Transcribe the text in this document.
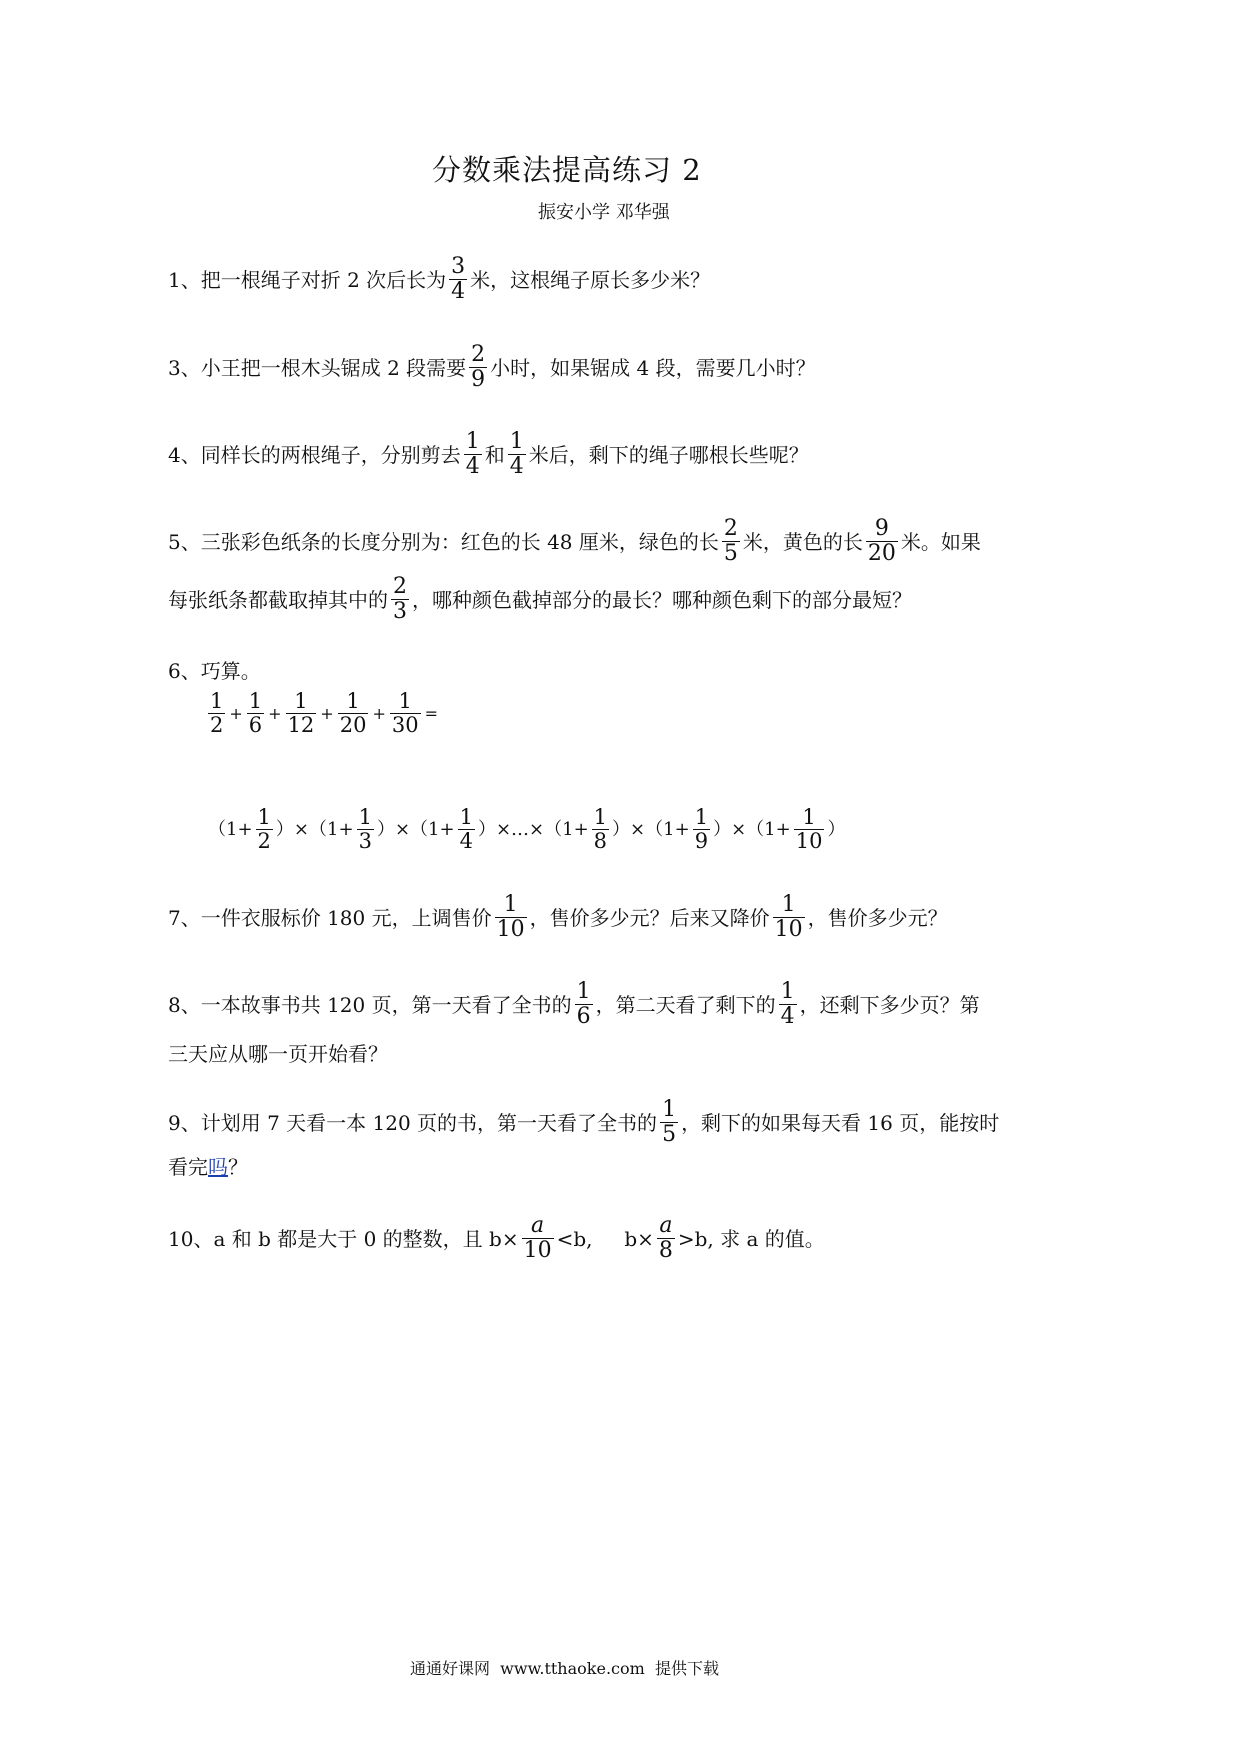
分数乘法提高练习 2
振安小学 邓华强
1、把一根绳子对折 2 次后长为 $\frac{3}{4}$ 米，这根绳子原长多少米？
3、小王把一根木头锯成 2 段需要 $\frac{2}{9}$ 小时，如果锯成 4 段，需要几小时？
4、同样长的两根绳子，分别剪去 $\frac{1}{4}$ 和 $\frac{1}{4}$ 米后，剩下的绳子哪根长些呢？
5、三张彩色纸条的长度分别为：红色的长 48 厘米，绿色的长 $\frac{2}{5}$ 米，黄色的长 $\frac{9}{20}$ 米。如果
每张纸条都截取掉其中的 $\frac{2}{3}$ ，哪种颜色截掉部分的最长？哪种颜色剩下的部分最短？
6、巧算。
$\frac{1}{2} + \frac{1}{6} + \frac{1}{12} + \frac{1}{20} + \frac{1}{30}$ =
$(1+ \frac{1}{2} )\times(1+ \frac{1}{3} )\times(1+ \frac{1}{4}$ ）×…×（1+ $\frac{1}{8} )\times(1+ \frac{1}{9} )\times(1+ \frac{1}{10}$ ）
7、一件衣服标价 180 元，上调售价 $\frac{1}{10}$ ，售价多少元？后来又降价 $\frac{1}{10}$ ，售价多少元？
8、一本故事书共 120 页，第一天看了全书的 $\frac{1}{6}$ ，第二天看了剩下的 $\frac{1}{4}$ ，还剩下多少页？第
三天应从哪一页开始看？
9、计划用 7 天看一本 120 页的书，第一天看了全书的 $\frac{1}{5}$ ，剩下的如果每天看 16 页，能按时
看完吗？
10、a 和 b 都是大于 0 的整数，且 $b\times \frac{a}{10} <b$,     $b\times \frac{a}{8} >b$, 求 a 的值。
通通好课网  www.tthaoke.com  提供下载
